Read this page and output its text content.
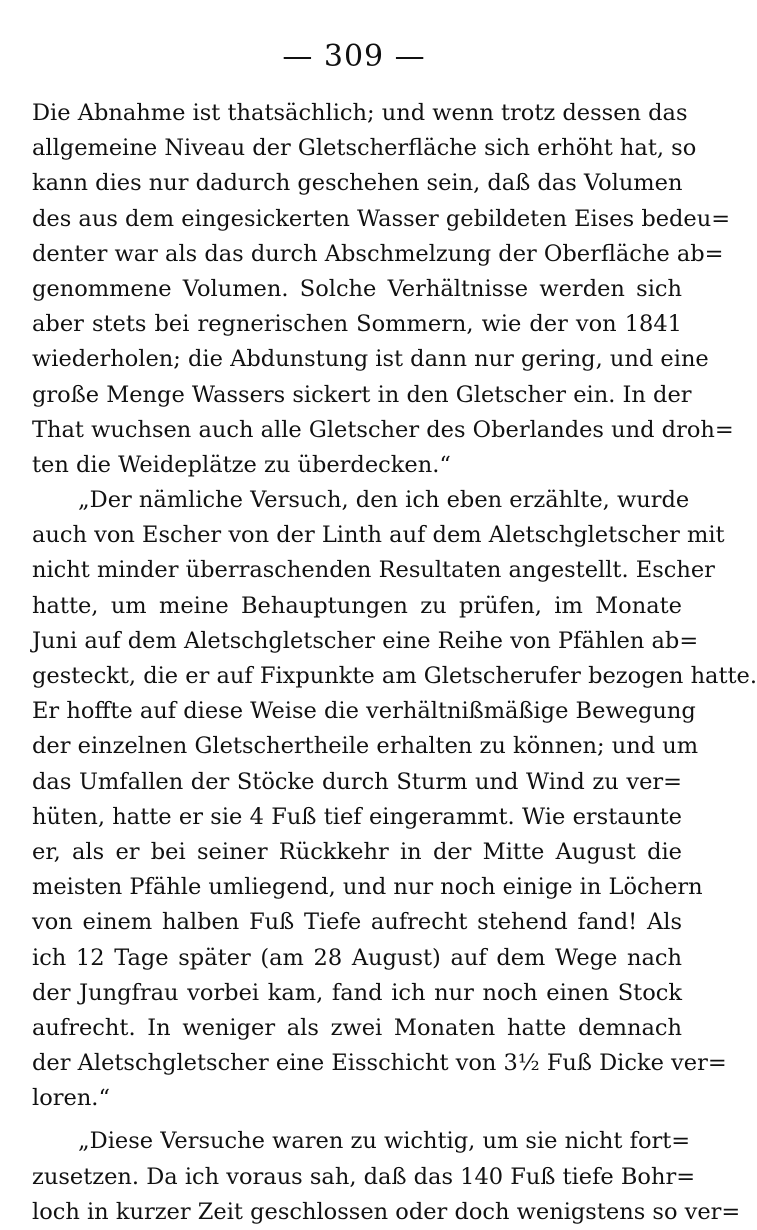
— 309 —
Die Abnahme ist thatsächlich; und wenn trotz dessen das
allgemeine Niveau der Gletscherfläche sich erhöht hat, so
kann dies nur dadurch geschehen sein, daß das Volumen
des aus dem eingesickerten Wasser gebildeten Eises bedeu=
denter war als das durch Abschmelzung der Oberfläche ab=
genommene Volumen. Solche Verhältnisse werden sich
aber stets bei regnerischen Sommern, wie der von 1841
wiederholen; die Abdunstung ist dann nur gering, und eine
große Menge Wassers sickert in den Gletscher ein. In der
That wuchsen auch alle Gletscher des Oberlandes und droh=
ten die Weideplätze zu überdecken.“
„Der nämliche Versuch, den ich eben erzählte, wurde
auch von Escher von der Linth auf dem Aletschgletscher mit
nicht minder überraschenden Resultaten angestellt. Escher
hatte, um meine Behauptungen zu prüfen, im Monate
Juni auf dem Aletschgletscher eine Reihe von Pfählen ab=
gesteckt, die er auf Fixpunkte am Gletscherufer bezogen hatte.
Er hoffte auf diese Weise die verhältnißmäßige Bewegung
der einzelnen Gletschertheile erhalten zu können; und um
das Umfallen der Stöcke durch Sturm und Wind zu ver=
hüten, hatte er sie 4 Fuß tief eingerammt. Wie erstaunte
er, als er bei seiner Rückkehr in der Mitte August die
meisten Pfähle umliegend, und nur noch einige in Löchern
von einem halben Fuß Tiefe aufrecht stehend fand! Als
ich 12 Tage später (am 28 August) auf dem Wege nach
der Jungfrau vorbei kam, fand ich nur noch einen Stock
aufrecht. In weniger als zwei Monaten hatte demnach
der Aletschgletscher eine Eisschicht von 3½ Fuß Dicke ver=
loren.“
„Diese Versuche waren zu wichtig, um sie nicht fort=
zusetzen. Da ich voraus sah, daß das 140 Fuß tiefe Bohr=
loch in kurzer Zeit geschlossen oder doch wenigstens so ver=
